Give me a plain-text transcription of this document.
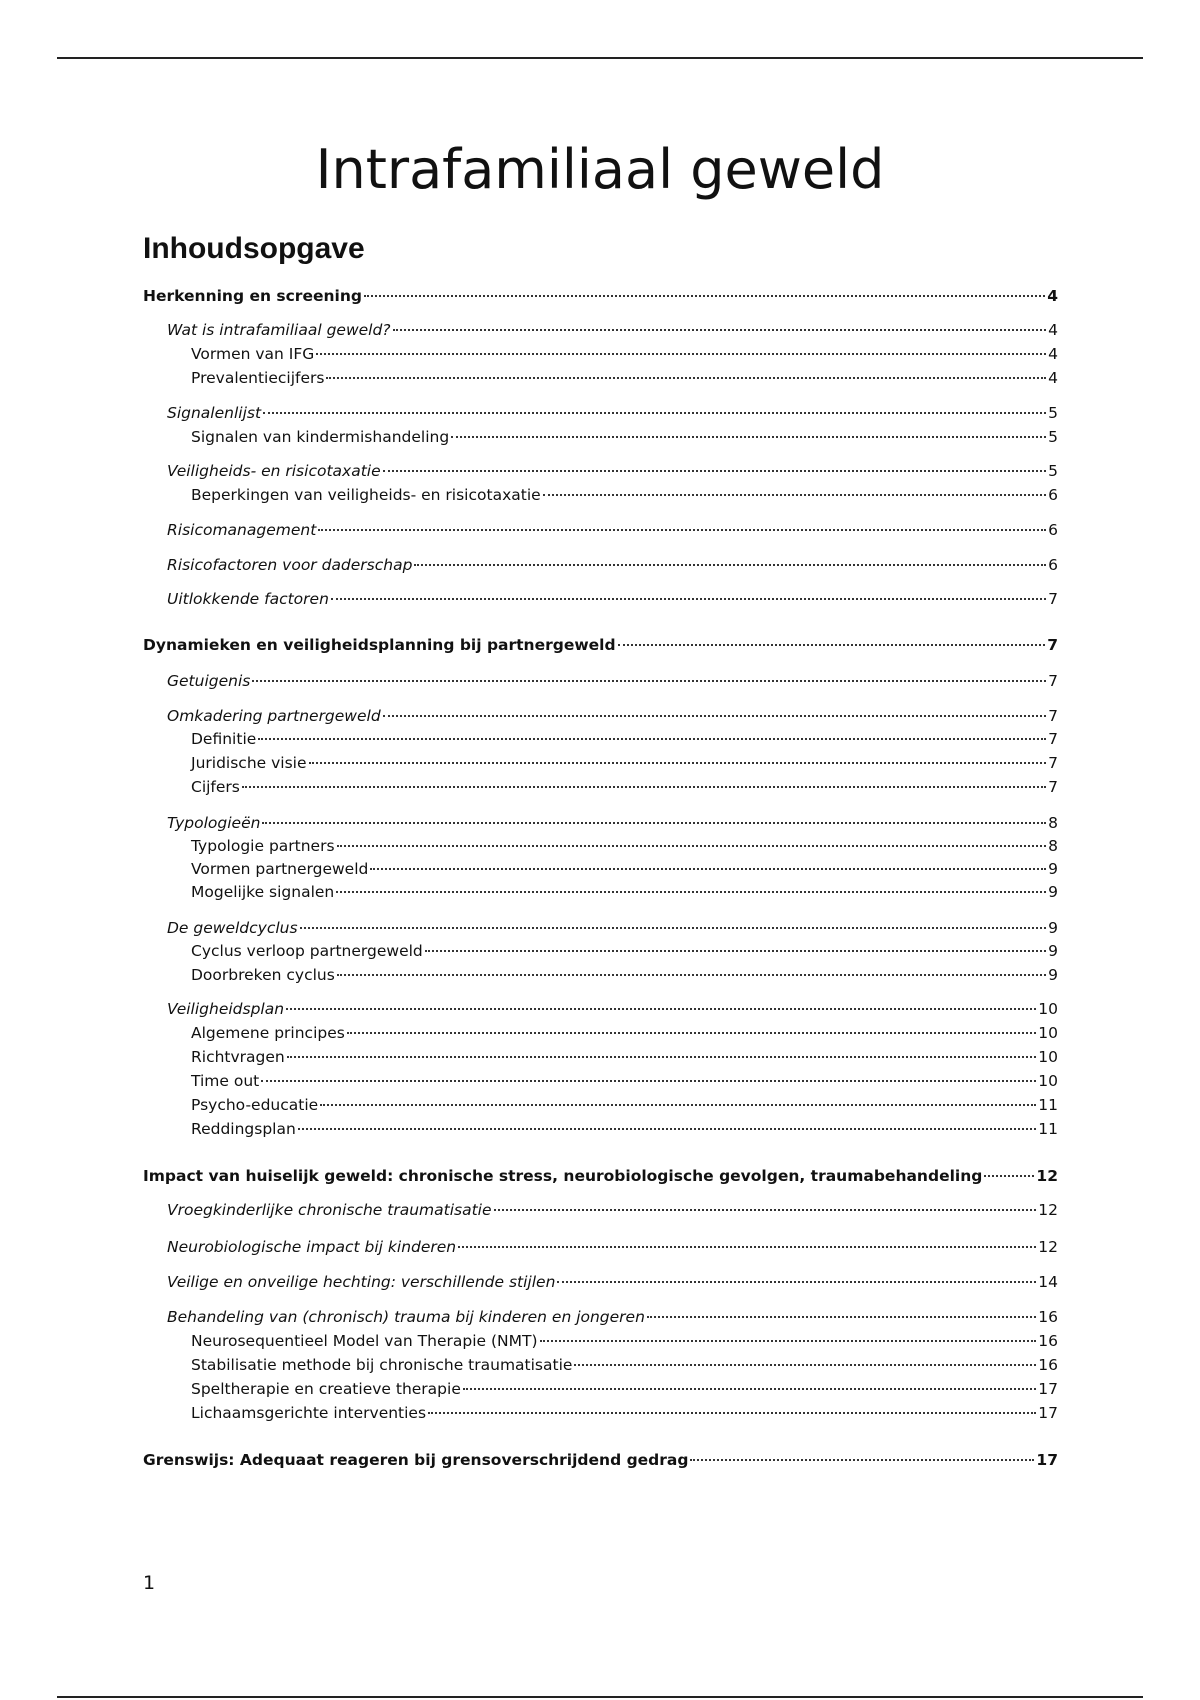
Intrafamiliaal geweld
Inhoudsopgave
Herkenning en screening	4
Wat is intrafamiliaal geweld?	4
Vormen van IFG	4
Prevalentiecijfers	4
Signalenlijst	5
Signalen van kindermishandeling	5
Veiligheids- en risicotaxatie	5
Beperkingen van veiligheids- en risicotaxatie	6
Risicomanagement	6
Risicofactoren voor daderschap	6
Uitlokkende factoren	7
Dynamieken en veiligheidsplanning bij partnergeweld	7
Getuigenis	7
Omkadering partnergeweld	7
Definitie	7
Juridische visie	7
Cijfers	7
Typologieën	8
Typologie partners	8
Vormen partnergeweld	9
Mogelijke signalen	9
De geweldcyclus	9
Cyclus verloop partnergeweld	9
Doorbreken cyclus	9
Veiligheidsplan	10
Algemene principes	10
Richtvragen	10
Time out	10
Psycho-educatie	11
Reddingsplan	11
Impact van huiselijk geweld: chronische stress, neurobiologische gevolgen, traumabehandeling	12
Vroegkinderlijke chronische traumatisatie	12
Neurobiologische impact bij kinderen	12
Veilige en onveilige hechting: verschillende stijlen	14
Behandeling van (chronisch) trauma bij kinderen en jongeren	16
Neurosequentieel Model van Therapie (NMT)	16
Stabilisatie methode bij chronische traumatisatie	16
Speltherapie en creatieve therapie	17
Lichaamsgerichte interventies	17
Grenswijs: Adequaat reageren bij grensoverschrijdend gedrag	17
1
